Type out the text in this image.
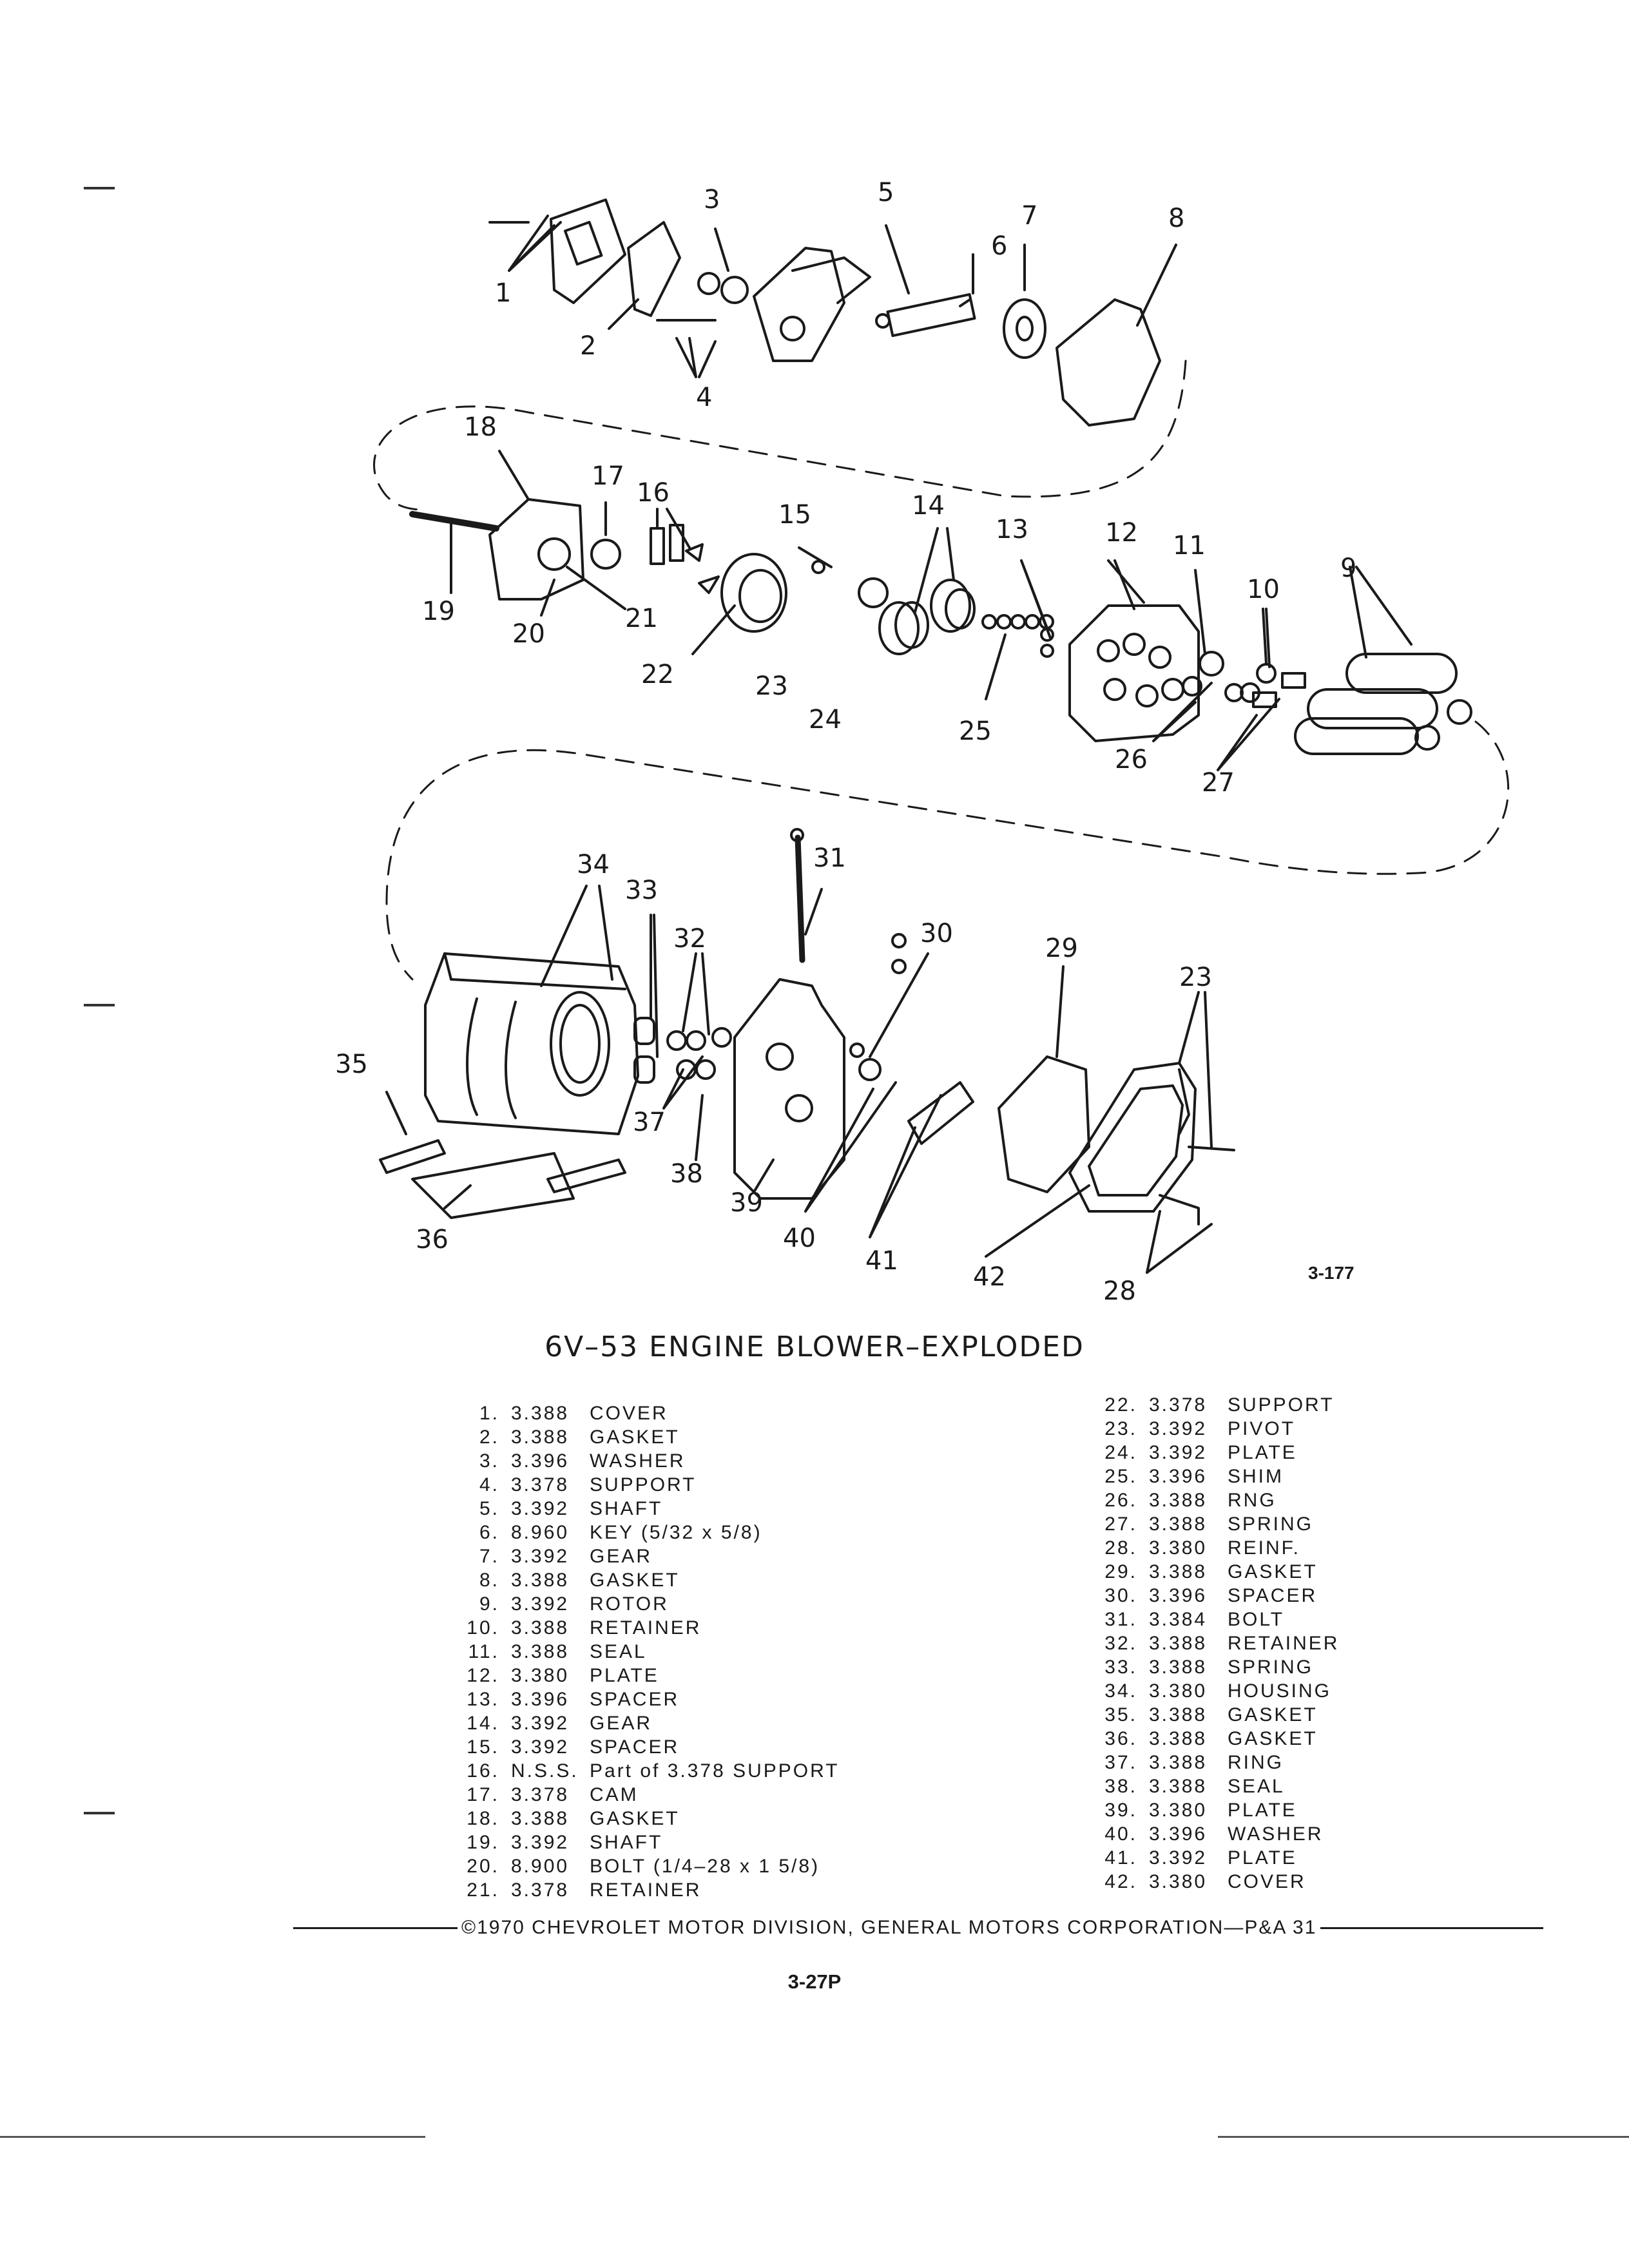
1
2
3
4
5
6
7	8
9
10
11
12
13
14
15
16
17
18
19
20
21
22	23
24	25
26
27
28
29
30
31
32
33
34
35
36
37
38
39
40
41
42
23
3-177
6V–53 ENGINE BLOWER–EXPLODED
1. 3.388	COVER
2. 3.388	GASKET
3. 3.396	WASHER
4. 3.378	SUPPORT
5. 3.392	SHAFT
6. 8.960	KEY (5/32 x 5/8)
7. 3.392	GEAR
8. 3.388	GASKET
9. 3.392	ROTOR
10. 3.388	RETAINER
11. 3.388	SEAL
12. 3.380	PLATE
13. 3.396	SPACER
14. 3.392	GEAR
15. 3.392	SPACER
16. N.S.S. Part of 3.378 SUPPORT
17. 3.378	CAM
18. 3.388	GASKET
19. 3.392	SHAFT
20. 8.900	BOLT (1/4–28 x 1 5/8)
21. 3.378	RETAINER
22. 3.378	SUPPORT
23. 3.392	PIVOT
24. 3.392	PLATE
25. 3.396	SHIM
26. 3.388	RNG
27. 3.388	SPRING
28. 3.380	REINF.
29. 3.388	GASKET
30. 3.396	SPACER
31. 3.384	BOLT
32. 3.388	RETAINER
33. 3.388	SPRING
34. 3.380	HOUSING
35. 3.388	GASKET
36. 3.388	GASKET
37. 3.388	RING
38. 3.388	SEAL
39. 3.380	PLATE
40. 3.396	WASHER
41. 3.392	PLATE
42. 3.380	COVER
©1970 CHEVROLET MOTOR DIVISION, GENERAL MOTORS CORPORATION—P&A 31
3-27P
